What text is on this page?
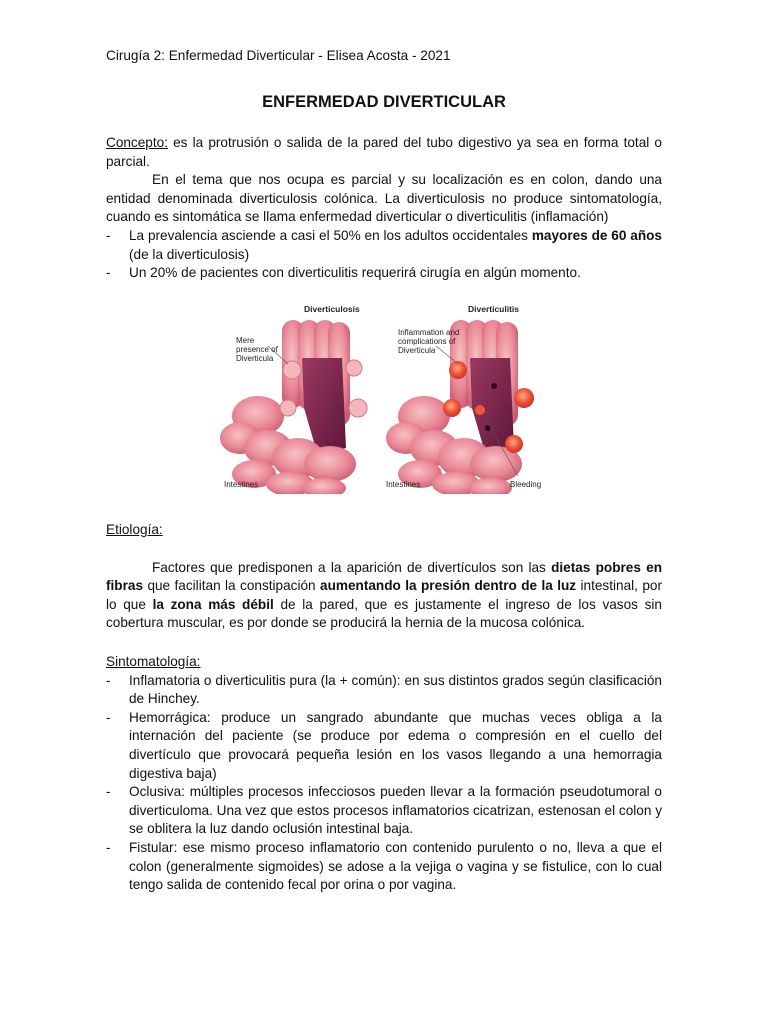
Cirugía 2: Enfermedad Diverticular - Elisea Acosta - 2021
ENFERMEDAD DIVERTICULAR

Concepto: es la protrusión o salida de la pared del tubo digestivo ya sea en forma total o parcial.

En el tema que nos ocupa es parcial y su localización es en colon, dando una entidad denominada diverticulosis colónica. La diverticulosis no produce sintomatología, cuando es sintomática se llama enfermedad diverticular o diverticulitis (inflamación)

- La prevalencia asciende a casi el 50% en los adultos occidentales mayores de 60 años (de la diverticulosis)
- Un 20% de pacientes con diverticulitis requerirá cirugía en algún momento.
Diverticulosis	Diverticulitis
Mere presence of Diverticula
Inflammation and complications of Diverticula
Intestines	Intestines	Bleeding

Etiología:

Factores que predisponen a la aparición de divertículos son las dietas pobres en fibras que facilitan la constipación aumentando la presión dentro de la luz intestinal, por lo que la zona más débil de la pared, que es justamente el ingreso de los vasos sin cobertura muscular, es por donde se producirá la hernia de la mucosa colónica.

Sintomatología:

- Inflamatoria o diverticulitis pura (la + común): en sus distintos grados según clasificación de Hinchey.
- Hemorrágica: produce un sangrado abundante que muchas veces obliga a la internación del paciente (se produce por edema o compresión en el cuello del divertículo que provocará pequeña lesión en los vasos llegando a una hemorragia digestiva baja)
- Oclusiva: múltiples procesos infecciosos pueden llevar a la formación pseudotumoral o diverticuloma. Una vez que estos procesos inflamatorios cicatrizan, estenosan el colon y se oblitera la luz dando oclusión intestinal baja.
- Fistular: ese mismo proceso inflamatorio con contenido purulento o no, lleva a que el colon (generalmente sigmoides) se adose a la vejiga o vagina y se fistulice, con lo cual tengo salida de contenido fecal por orina o por vagina.
